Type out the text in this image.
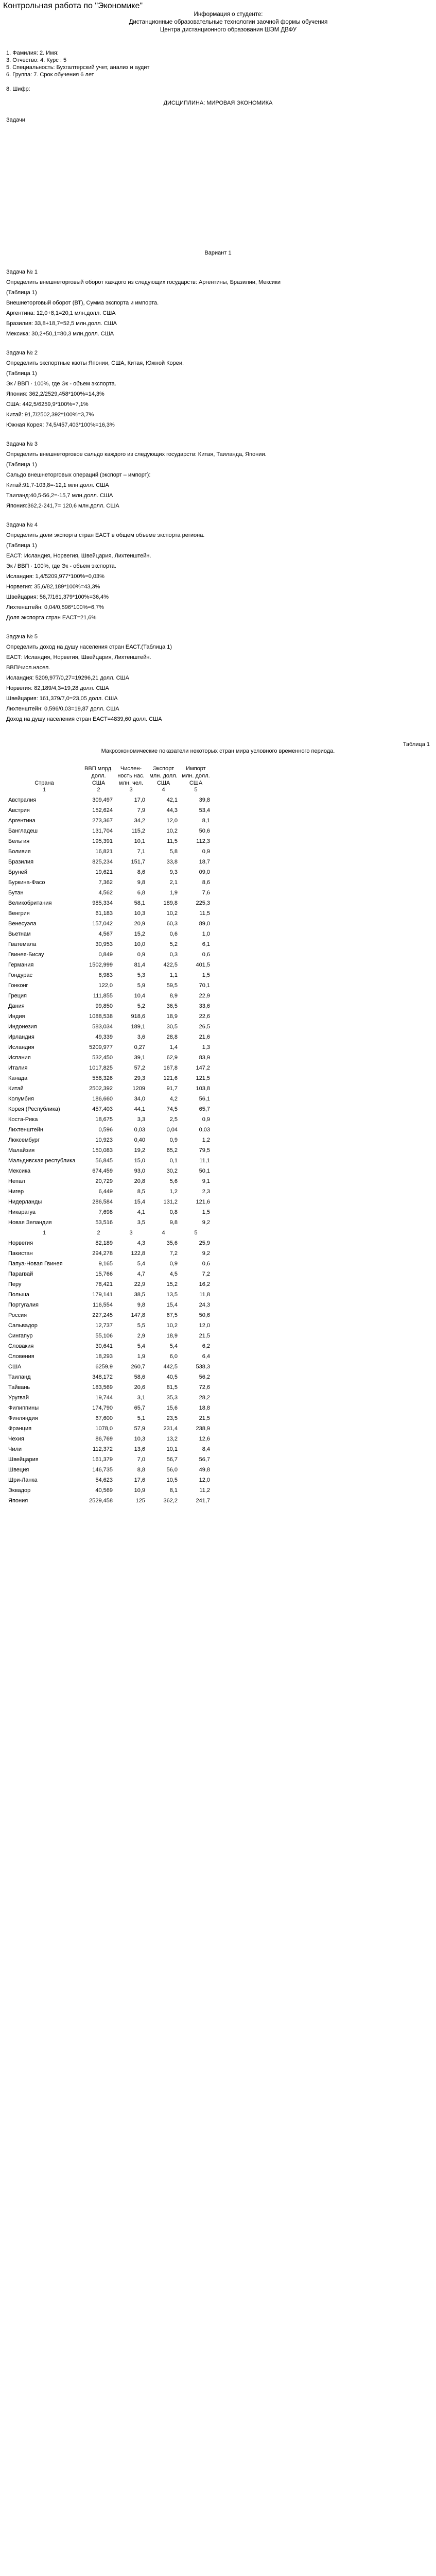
Контрольная работа по "Экономике"

Информация о студенте:
Дистанционные образовательные технологии заочной формы обучения
Центра дистанционного образования ШЭМ ДВФУ

1. Фамилия: 2. Имя:

3. Отчество: 4. Курс : 5

5. Специальность: Бухгалтерский учет, анализ и аудит

6. Группа: 7. Срок обучения 6 лет

8. Шифр:

ДИСЦИПЛИНА: МИРОВАЯ ЭКОНОМИКА

Задачи

Вариант 1

Задача № 1

Определить внешнеторговый оборот каждого из следующих государств: Аргентины, Бразилии, Мексики

(Таблица 1)

Внешнеторговый оборот (ВТ), Сумма экспорта и импорта.

Аргентина: 12,0+8,1=20,1 млн.долл. США

Бразилия: 33,8+18,7=52,5 млн.долл. США

Мексика: 30,2+50,1=80,3 млн.долл. США

Задача № 2

Определить экспортные квоты Японии, США, Китая, Южной Кореи.

(Таблица 1)

Эк / ВВП · 100%, где Эк - объем экспорта.

Япония: 362,2/2529,458*100%=14,3%

США: 442,5/6259,9*100%=7,1%

Китай: 91,7/2502,392*100%=3,7%

Южная Корея: 74,5/457,403*100%=16,3%

Задача № 3

Определить внешнеторговое сальдо каждого из следующих государств: Китая, Таиланда, Японии.

(Таблица 1)

Сальдо внешнеторговых операций (экспорт – импорт):

Китай:91,7-103,8=-12,1 млн.долл. США

Таиланд:40,5-56,2=-15,7 млн.долл. США

Япония:362,2-241,7= 120,6 млн.долл. США

Задача № 4

Определить доли экспорта стран ЕАСТ в общем объеме экспорта региона.

(Таблица 1)

ЕАСТ: Исландия, Норвегия, Швейцария, Лихтенштейн.

Эк / ВВП · 100%, где Эк - объем экспорта.

Исландия: 1,4/5209,977*100%=0,03%

Норвегия: 35,6/82,189*100%=43,3%

Швейцария: 56,7/161,379*100%=36,4%

Лихтенштейн: 0,04/0,596*100%=6,7%

Доля экспорта стран ЕАСТ=21,6%

Задача № 5

Определить доход на душу населения стран ЕАСТ.(Таблица 1)

ЕАСТ: Исландия, Норвегия, Швейцария, Лихтенштейн.

ВВП/числ.насел.

Исландия: 5209,977/0,27=19296,21 долл. США

Норвегия: 82,189/4,3=19,28 долл. США

Швейцария: 161,379/7,0=23,05 долл. США

Лихтенштейн: 0,596/0,03=19,87 долл. США

Доход на душу населения стран ЕАСТ=4839,60 долл. США

Таблица 1

Макроэкономические показатели некоторых стран мира условного временного периода.

Страна	ВВП млрд. долл. США	Числен-ность нас. млн. чел.	Экспорт млн. долл. США	Импорт млн. долл. США
1	2	3	4	5
Австралия	309,497	17,0	42,1	39,8
Австрия	152,624	7,9	44,3	53,4
Аргентина	273,367	34,2	12,0	8,1
Бангладеш	131,704	115,2	10,2	50,6
Бельгия	195,391	10,1	11,5	112,3
Боливия	16,821	7,1	5,8	0,9
Бразилия	825,234	151,7	33,8	18,7
Бруней	19,621	8,6	9,3	09,0
Буркина-Фасо	7,362	9,8	2,1	8,6
Бутан	4,562	6,8	1,9	7,6
Великобритания	985,334	58,1	189,8	225,3
Венгрия	61,183	10,3	10,2	11,5
Венесуэла	157,042	20,9	60,3	89,0
Вьетнам	4,567	15,2	0,6	1,0
Гватемала	30,953	10,0	5,2	6,1
Гвинея-Бисау	0,849	0,9	0,3	0,6
Германия	1502,999	81,4	422,5	401,5
Гондурас	8,983	5,3	1,1	1,5
Гонконг	122,0	5,9	59,5	70,1
Греция	111,855	10,4	8,9	22,9
Дания	99,850	5,2	36,5	33,6
Индия	1088,538	918,6	18,9	22,6
Индонезия	583,034	189,1	30,5	26,5
Ирландия	49,339	3,6	28,8	21,6
Исландия	5209,977	0,27	1,4	1,3
Испания	532,450	39,1	62,9	83,9
Италия	1017,825	57,2	167,8	147,2
Канада	558,326	29,3	121,6	121,5
Китай	2502,392	1209	91,7	103,8
Колумбия	186,660	34,0	4,2	56,1
Корея (Республика)	457,403	44,1	74,5	65,7
Коста-Рика	18,675	3,3	2,5	0,9
Лихтенштейн	0,596	0,03	0,04	0,03
Люксембург	10,923	0,40	0,9	1,2
Малайзия	150,083	19,2	65,2	79,5
Мальдивская республика	56,845	15,0	0,1	11,1
Мексика	674,459	93,0	30,2	50,1
Непал	20,729	20,8	5,6	9,1
Нигер	6,449	8,5	1,2	2,3
Нидерланды	286,584	15,4	131,2	121,6
Никарагуа	7,698	4,1	0,8	1,5
Новая Зеландия	53,516	3,5	9,8	9,2
1	2	3	4	5
Норвегия	82,189	4,3	35,6	25,9
Пакистан	294,278	122,8	7,2	9,2
Папуа-Новая Гвинея	9,165	5,4	0,9	0,6
Парагвай	15,766	4,7	4,5	7,2
Перу	78,421	22,9	15,2	16,2
Польша	179,141	38,5	13,5	11,8
Португалия	116,554	9,8	15,4	24,3
Россия	227,245	147,8	67,5	50,6
Сальвадор	12,737	5,5	10,2	12,0
Сингапур	55,106	2,9	18,9	21,5
Словакия	30,641	5,4	5,4	6,2
Словения	18,293	1,9	6,0	6,4
США	6259,9	260,7	442,5	538,3
Таиланд	348,172	58,6	40,5	56,2
Тайвань	183,569	20,6	81,5	72,6
Уругвай	19,744	3,1	35,3	28,2
Филиппины	174,790	65,7	15,6	18,8
Финляндия	67,600	5,1	23,5	21,5
Франция	1078,0	57,9	231,4	238,9
Чехия	86,769	10,3	13,2	12,6
Чили	112,372	13,6	10,1	8,4
Швейцария	161,379	7,0	56,7	56,7
Швеция	146,735	8,8	56,0	49,8
Шри-Ланка	54,623	17,6	10,5	12,0
Эквадор	40,569	10,9	8,1	11,2
Япония	2529,458	125	362,2	241,7
